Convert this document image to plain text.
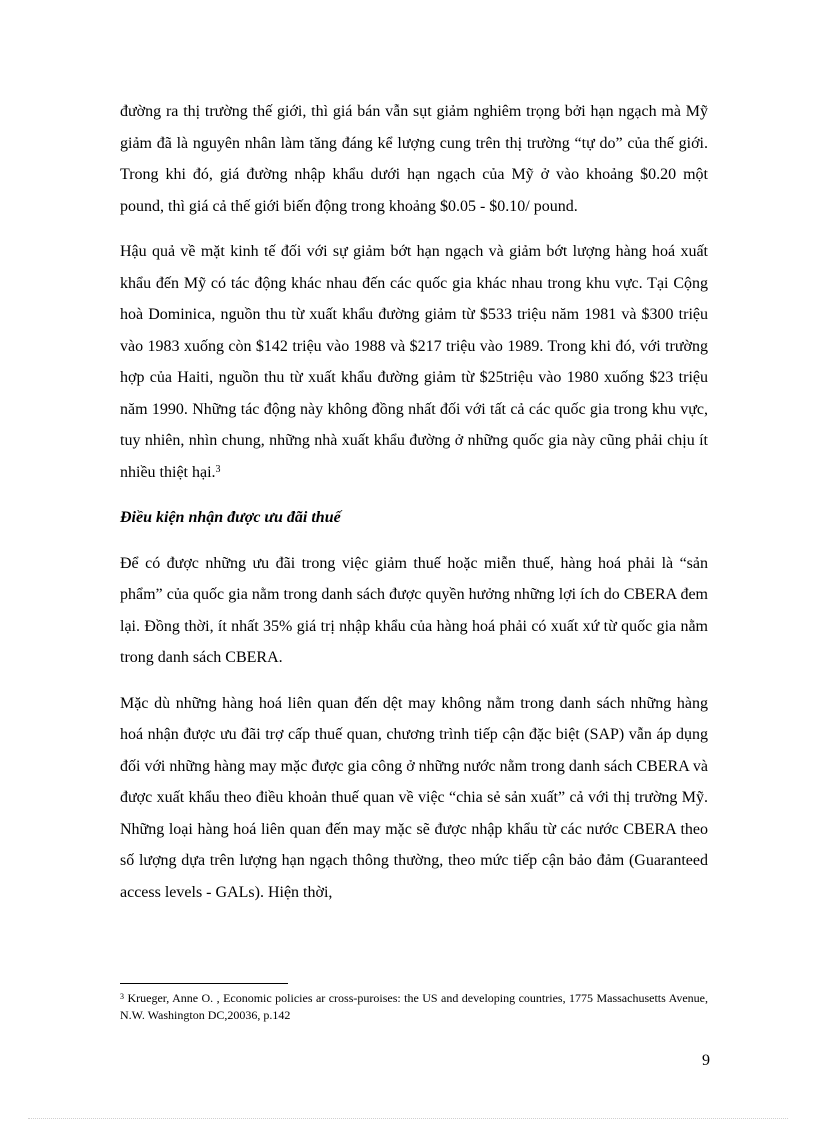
đường ra thị trường thế giới, thì giá bán vẫn sụt giảm nghiêm trọng bởi hạn ngạch mà Mỹ giảm đã là nguyên nhân làm tăng đáng kể lượng cung trên thị trường “tự do” của thế giới. Trong khi đó, giá đường nhập khẩu dưới hạn ngạch của Mỹ ở vào khoảng $0.20 một pound, thì giá cả thế giới biến động trong khoảng $0.05 - $0.10/ pound.

Hậu quả về mặt kinh tế đối với sự giảm bớt hạn ngạch và giảm bớt lượng hàng hoá xuất khẩu đến Mỹ có tác động khác nhau đến các quốc gia khác nhau trong khu vực. Tại Cộng hoà Dominica, nguồn thu từ xuất khẩu đường giảm từ $533 triệu năm 1981 và $300 triệu vào 1983 xuống còn $142 triệu vào 1988 và $217 triệu vào 1989. Trong khi đó, với trường hợp của Haiti, nguồn thu từ xuất khẩu đường giảm từ $25triệu vào 1980 xuống $23 triệu năm 1990. Những tác động này không đồng nhất đối với tất cả các quốc gia trong khu vực, tuy nhiên, nhìn chung, những nhà xuất khẩu đường ở những quốc gia này cũng phải chịu ít nhiều thiệt hại.$^3$

Điều kiện nhận được ưu đãi thuế

Để có được những ưu đãi trong việc giảm thuế hoặc miễn thuế, hàng hoá phải là “sản phẩm” của quốc gia nằm trong danh sách được quyền hưởng những lợi ích do CBERA đem lại. Đồng thời, ít nhất 35% giá trị nhập khẩu của hàng hoá phải có xuất xứ từ quốc gia nằm trong danh sách CBERA.

Mặc dù những hàng hoá liên quan đến dệt may không nằm trong danh sách những hàng hoá nhận được ưu đãi trợ cấp thuế quan, chương trình tiếp cận đặc biệt (SAP) vẫn áp dụng đối với những hàng may mặc được gia công ở những nước nằm trong danh sách CBERA và được xuất khẩu theo điều khoản thuế quan về việc “chia sẻ sản xuất” cả với thị trường Mỹ. Những loại hàng hoá liên quan đến may mặc sẽ được nhập khẩu từ các nước CBERA theo số lượng dựa trên lượng hạn ngạch thông thường, theo mức tiếp cận bảo đảm (Guaranteed access levels - GALs). Hiện thời,

$^3$ Krueger, Anne O. , Economic policies ar cross-puroises: the US and developing countries, 1775 Massachusetts Avenue, N.W. Washington DC,20036, p.142
9
